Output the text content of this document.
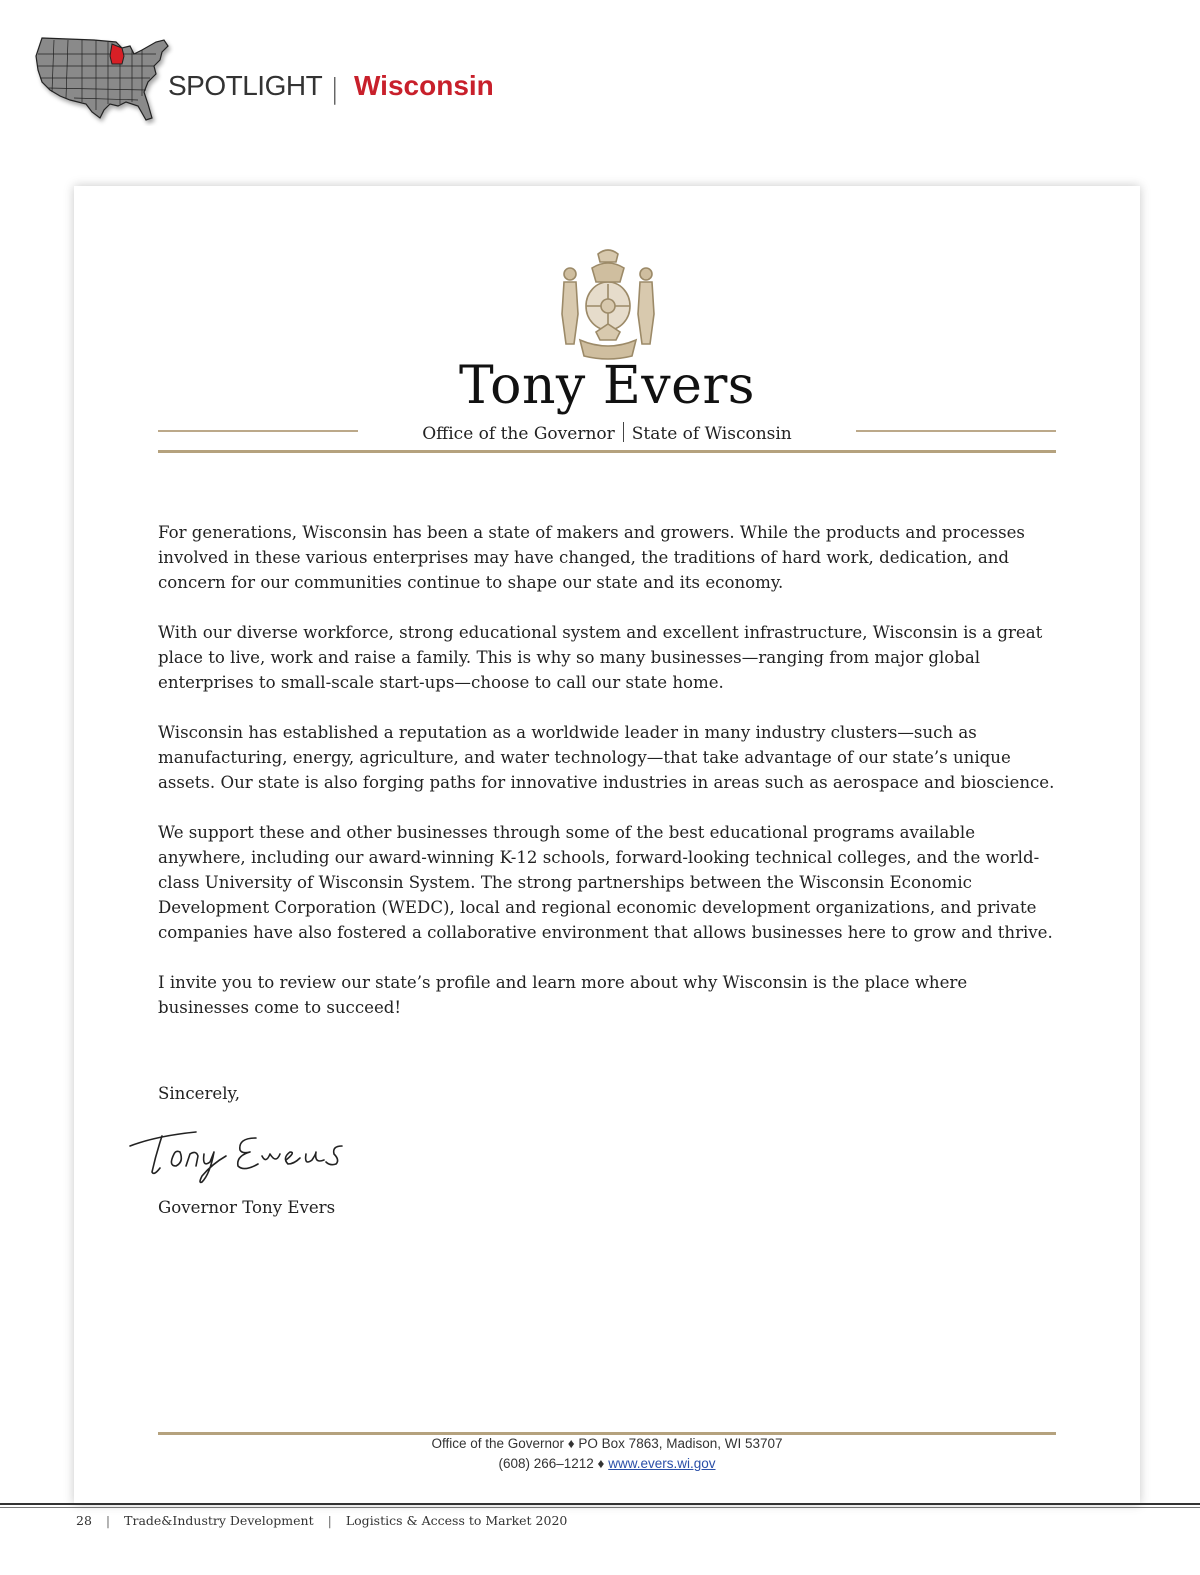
SPOTLIGHT | Wisconsin
Tony Evers
Office of the Governor State of Wisconsin

For generations, Wisconsin has been a state of makers and growers. While the products and processes involved in these various enterprises may have changed, the traditions of hard work, dedication, and concern for our communities continue to shape our state and its economy.

With our diverse workforce, strong educational system and excellent infrastructure, Wisconsin is a great place to live, work and raise a family. This is why so many businesses—ranging from major global enterprises to small-scale start-ups—choose to call our state home.

Wisconsin has established a reputation as a worldwide leader in many industry clusters—such as manufacturing, energy, agriculture, and water technology—that take advantage of our state’s unique assets. Our state is also forging paths for innovative industries in areas such as aerospace and bioscience.

We support these and other businesses through some of the best educational programs available anywhere, including our award-winning K-12 schools, forward-looking technical colleges, and the world-class University of Wisconsin System. The strong partnerships between the Wisconsin Economic Development Corporation (WEDC), local and regional economic development organizations, and private companies have also fostered a collaborative environment that allows businesses here to grow and thrive.

I invite you to review our state’s profile and learn more about why Wisconsin is the place where businesses come to succeed!

Sincerely,
Governor Tony Evers
Office of the Governor ♦ PO Box 7863, Madison, WI 53707
(608) 266–1212 ♦ www.evers.wi.gov
28 | Trade&Industry Development | Logistics & Access to Market 2020
